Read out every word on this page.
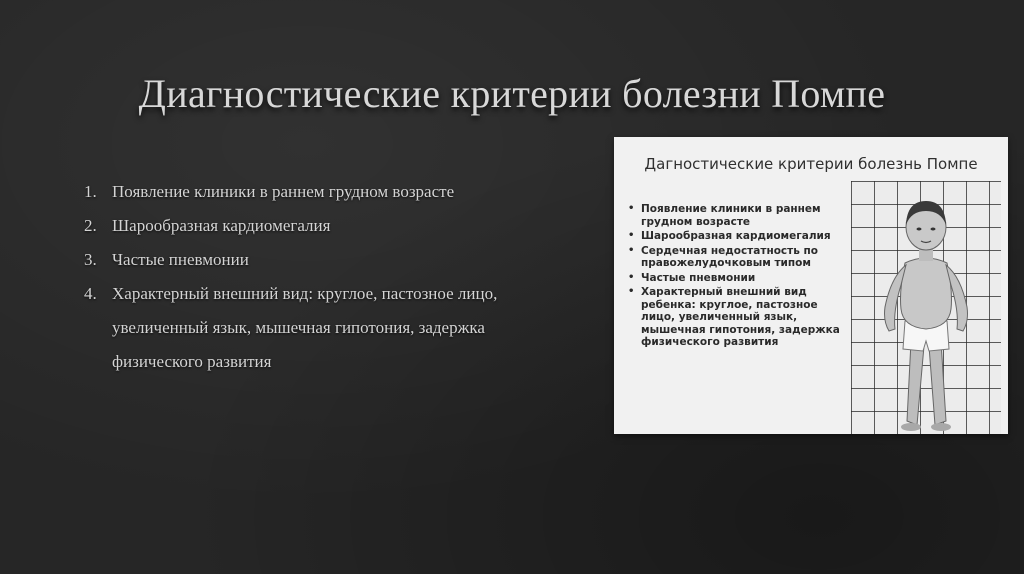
Диагностические критерии болезни Помпе
1. Появление клиники в раннем грудном возрасте
2. Шарообразная кардиомегалия
3. Частые пневмонии
4. Характерный внешний вид: круглое, пастозное лицо, увеличенный язык, мышечная гипотония, задержка физического развития

Дагностические критерии болезнь Помпе

• Появление клиники в раннем грудном возрасте
• Шарообразная кардиомегалия
• Сердечная недостатность по правожелудочковым типом
• Частые пневмонии
• Характерный внешний вид ребенка: круглое, пастозное лицо, увеличенный язык, мышечная гипотония, задержка физического развития
